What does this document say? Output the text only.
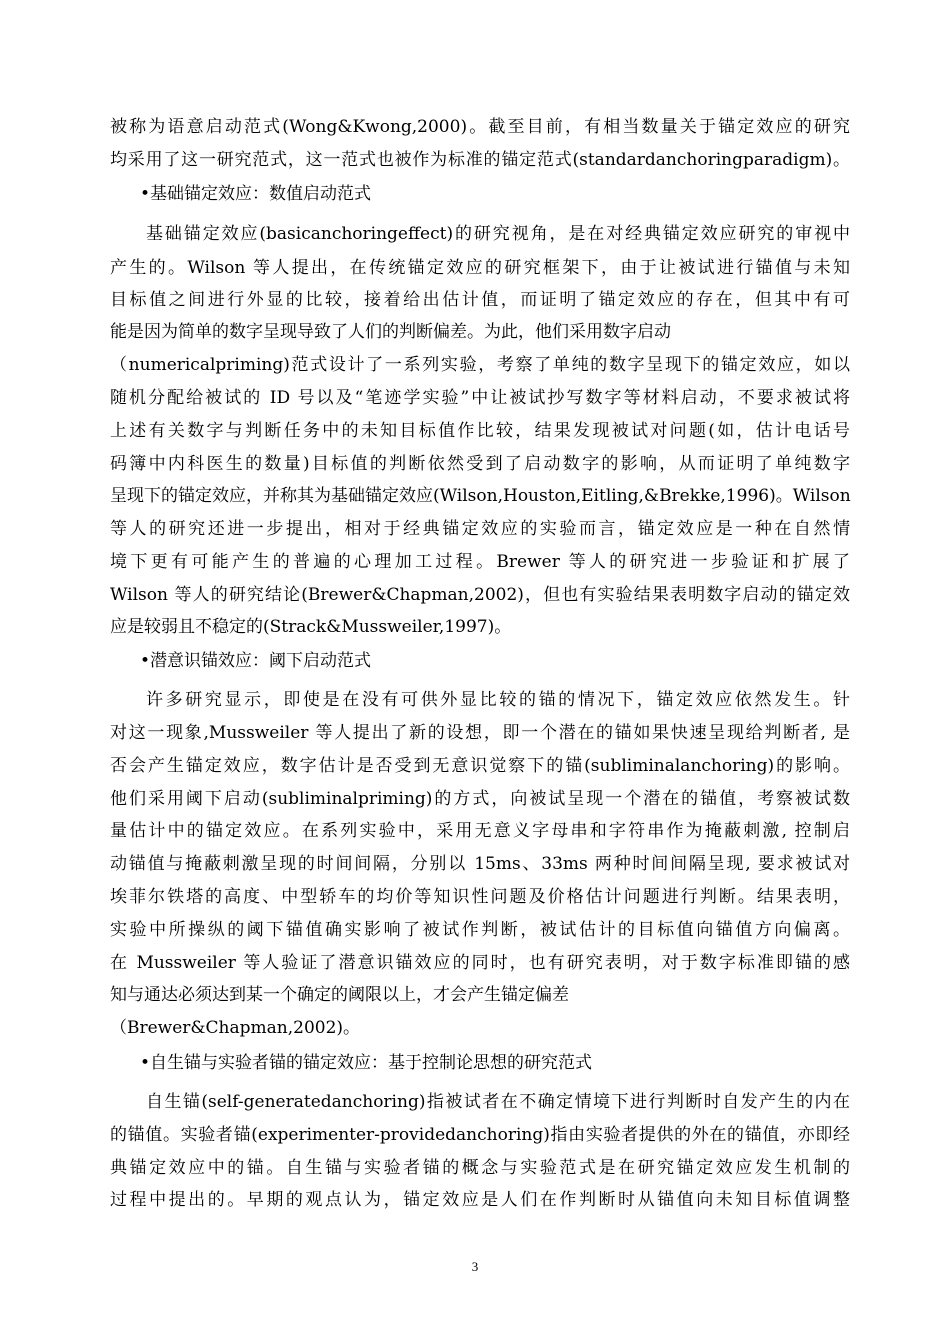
被称为语意启动范式(Wong&Kwong,2000)。截至目前，有相当数量关于锚定效应的研究
均采用了这一研究范式，这一范式也被作为标准的锚定范式(standardanchoringparadigm)。
•基础锚定效应：数值启动范式
基础锚定效应(basicanchoringeffect)的研究视角，是在对经典锚定效应研究的审视中
产生的。Wilson 等人提出，在传统锚定效应的研究框架下，由于让被试进行锚值与未知
目标值之间进行外显的比较，接着给出估计值，而证明了锚定效应的存在，但其中有可
能是因为简单的数字呈现导致了人们的判断偏差。为此，他们采用数字启动
（numericalpriming)范式设计了一系列实验，考察了单纯的数字呈现下的锚定效应，如以
随机分配给被试的 ID 号以及“笔迹学实验”中让被试抄写数字等材料启动，不要求被试将
上述有关数字与判断任务中的未知目标值作比较，结果发现被试对问题(如，估计电话号
码簿中内科医生的数量)目标值的判断依然受到了启动数字的影响，从而证明了单纯数字
呈现下的锚定效应，并称其为基础锚定效应(Wilson,Houston,Eitling,&Brekke,1996)。Wilson
等人的研究还进一步提出，相对于经典锚定效应的实验而言，锚定效应是一种在自然情
境下更有可能产生的普遍的心理加工过程。Brewer 等人的研究进一步验证和扩展了
Wilson 等人的研究结论(Brewer&Chapman,2002)，但也有实验结果表明数字启动的锚定效
应是较弱且不稳定的(Strack&Mussweiler,1997)。
•潜意识锚效应：阈下启动范式
许多研究显示，即使是在没有可供外显比较的锚的情况下，锚定效应依然发生。针
对这一现象,Mussweiler 等人提出了新的设想，即一个潜在的锚如果快速呈现给判断者, 是
否会产生锚定效应，数字估计是否受到无意识觉察下的锚(subliminalanchoring)的影响。
他们采用阈下启动(subliminalpriming)的方式，向被试呈现一个潜在的锚值，考察被试数
量估计中的锚定效应。在系列实验中，采用无意义字母串和字符串作为掩蔽刺激, 控制启
动锚值与掩蔽刺激呈现的时间间隔，分别以 15ms、33ms 两种时间间隔呈现, 要求被试对
埃菲尔铁塔的高度、中型轿车的均价等知识性问题及价格估计问题进行判断。结果表明，
实验中所操纵的阈下锚值确实影响了被试作判断，被试估计的目标值向锚值方向偏离。
在 Mussweiler 等人验证了潜意识锚效应的同时，也有研究表明，对于数字标准即锚的感
知与通达必须达到某一个确定的阈限以上，才会产生锚定偏差
（Brewer&Chapman,2002)。
•自生锚与实验者锚的锚定效应：基于控制论思想的研究范式
自生锚(self-generatedanchoring)指被试者在不确定情境下进行判断时自发产生的内在
的锚值。实验者锚(experimenter-providedanchoring)指由实验者提供的外在的锚值，亦即经
典锚定效应中的锚。自生锚与实验者锚的概念与实验范式是在研究锚定效应发生机制的
过程中提出的。早期的观点认为，锚定效应是人们在作判断时从锚值向未知目标值调整
3
